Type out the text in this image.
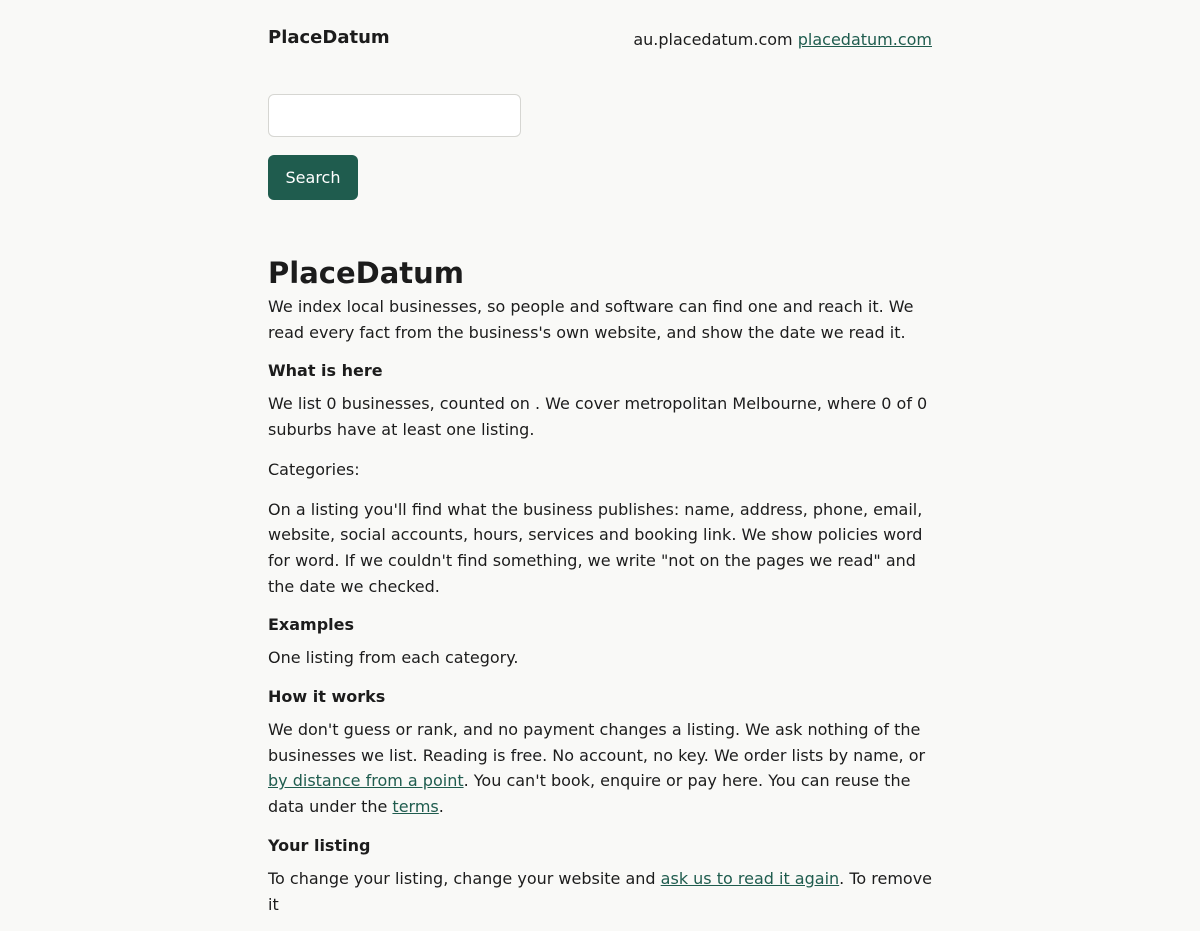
PlaceDatum	au.placedatum.com placedatum.com
Search
PlaceDatum

We index local businesses, so people and software can find one and reach it. We read every fact from the business's own website, and show the date we read it.

What is here

We list 0 businesses, counted on . We cover metropolitan Melbourne, where 0 of 0 suburbs have at least one listing.

Categories:

On a listing you'll find what the business publishes: name, address, phone, email, website, social accounts, hours, services and booking link. We show policies word for word. If we couldn't find something, we write "not on the pages we read" and the date we checked.

Examples

One listing from each category.

How it works

We don't guess or rank, and no payment changes a listing. We ask nothing of the businesses we list. Reading is free. No account, no key. We order lists by name, or by distance from a point. You can't book, enquire or pay here. You can reuse the data under the terms.

Your listing

To change your listing, change your website and ask us to read it again. To remove it
